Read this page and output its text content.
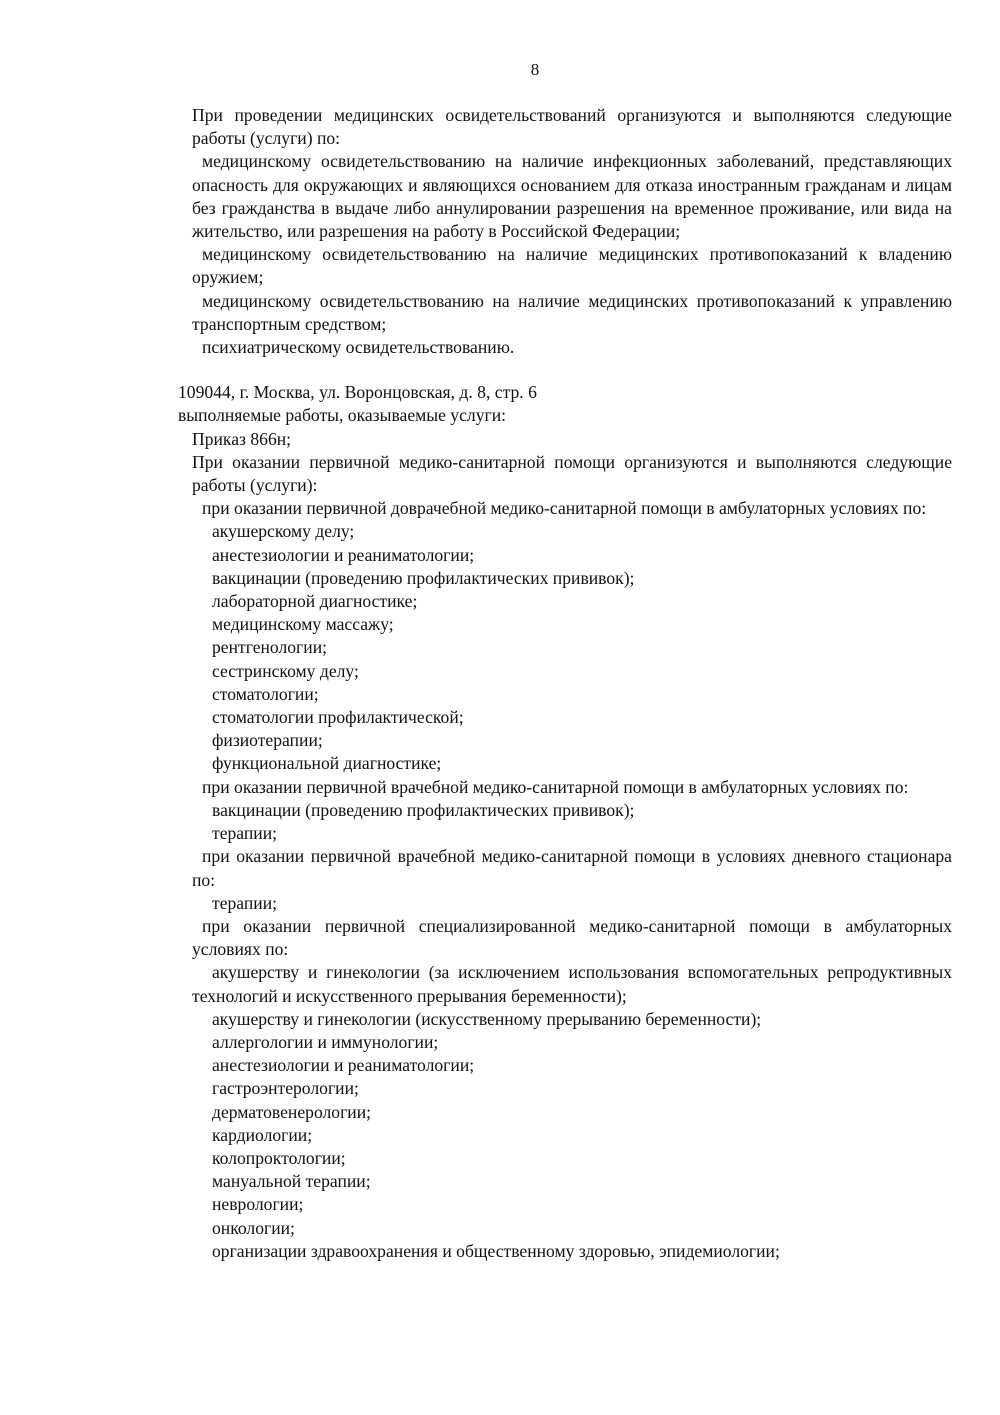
8

При проведении медицинских освидетельствований организуются и выполняются следующие работы (услуги) по:

медицинскому освидетельствованию на наличие инфекционных заболеваний, представляющих опасность для окружающих и являющихся основанием для отказа иностранным гражданам и лицам без гражданства в выдаче либо аннулировании разрешения на временное проживание, или вида на жительство, или разрешения на работу в Российской Федерации;

медицинскому освидетельствованию на наличие медицинских противопоказаний к владению оружием;

медицинскому освидетельствованию на наличие медицинских противопоказаний к управлению транспортным средством;

психиатрическому освидетельствованию.

109044, г. Москва, ул. Воронцовская, д. 8, стр. 6

выполняемые работы, оказываемые услуги:

Приказ 866н;

При оказании первичной медико-санитарной помощи организуются и выполняются следующие работы (услуги):

при оказании первичной доврачебной медико-санитарной помощи в амбулаторных условиях по:

акушерскому делу;

анестезиологии и реаниматологии;

вакцинации (проведению профилактических прививок);

лабораторной диагностике;

медицинскому массажу;

рентгенологии;

сестринскому делу;

стоматологии;

стоматологии профилактической;

физиотерапии;

функциональной диагностике;

при оказании первичной врачебной медико-санитарной помощи в амбулаторных условиях по:

вакцинации (проведению профилактических прививок);

терапии;

при оказании первичной врачебной медико-санитарной помощи в условиях дневного стационара по:

терапии;

при оказании первичной специализированной медико-санитарной помощи в амбулаторных условиях по:

акушерству и гинекологии (за исключением использования вспомогательных репродуктивных технологий и искусственного прерывания беременности);

акушерству и гинекологии (искусственному прерыванию беременности);

аллергологии и иммунологии;

анестезиологии и реаниматологии;

гастроэнтерологии;

дерматовенерологии;

кардиологии;

колопроктологии;

мануальной терапии;

неврологии;

онкологии;

организации здравоохранения и общественному здоровью, эпидемиологии;
